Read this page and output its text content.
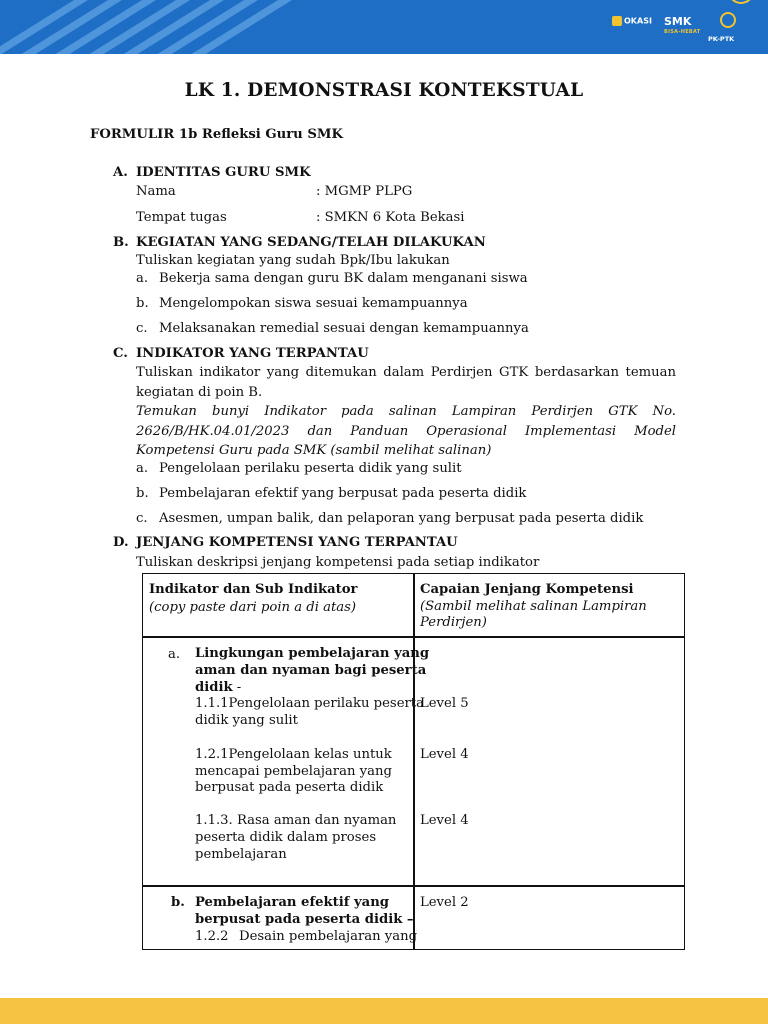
OKASI SMK
BISA-HEBAT
PK-PTK
LK 1. DEMONSTRASI KONTEKSTUAL
FORMULIR 1b Refleksi Guru SMK
A. IDENTITAS GURU SMK
Nama	: MGMP PLPG
Tempat tugas	: SMKN 6 Kota Bekasi
B. KEGIATAN YANG SEDANG/TELAH DILAKUKAN
Tuliskan kegiatan yang sudah Bpk/Ibu lakukan
a. Bekerja sama dengan guru BK dalam menganani siswa
b. Mengelompokan siswa sesuai kemampuannya
c. Melaksanakan remedial sesuai dengan kemampuannya
C. INDIKATOR YANG TERPANTAU
Tuliskan indikator yang ditemukan dalam Perdirjen GTK berdasarkan temuan kegiatan di poin B.
Temukan bunyi Indikator pada salinan Lampiran Perdirjen GTK No. 2626/B/HK.04.01/2023 dan Panduan Operasional Implementasi Model Kompetensi Guru pada SMK (sambil melihat salinan)
a. Pengelolaan perilaku peserta didik yang sulit
b. Pembelajaran efektif yang berpusat pada peserta didik
c. Asesmen, umpan balik, dan pelaporan yang berpusat pada peserta didik
D. JENJANG KOMPETENSI YANG TERPANTAU
Tuliskan deskripsi jenjang kompetensi pada setiap indikator
Indikator dan Sub Indikator
(copy paste dari poin a di atas)
Capaian Jenjang Kompetensi
(Sambil melihat salinan Lampiran
Perdirjen)
a. Lingkungan pembelajaran yang
aman dan nyaman bagi peserta
didik -
1.1.1Pengelolaan perilaku peserta
didik yang sulit
Level 5
1.2.1Pengelolaan kelas untuk
mencapai pembelajaran yang
berpusat pada peserta didik
Level 4
1.1.3. Rasa aman dan nyaman
peserta didik dalam proses
pembelajaran
Level 4
b. Pembelajaran efektif yang
berpusat pada peserta didik –
1.2.2 Desain pembelajaran yang
Level 2
